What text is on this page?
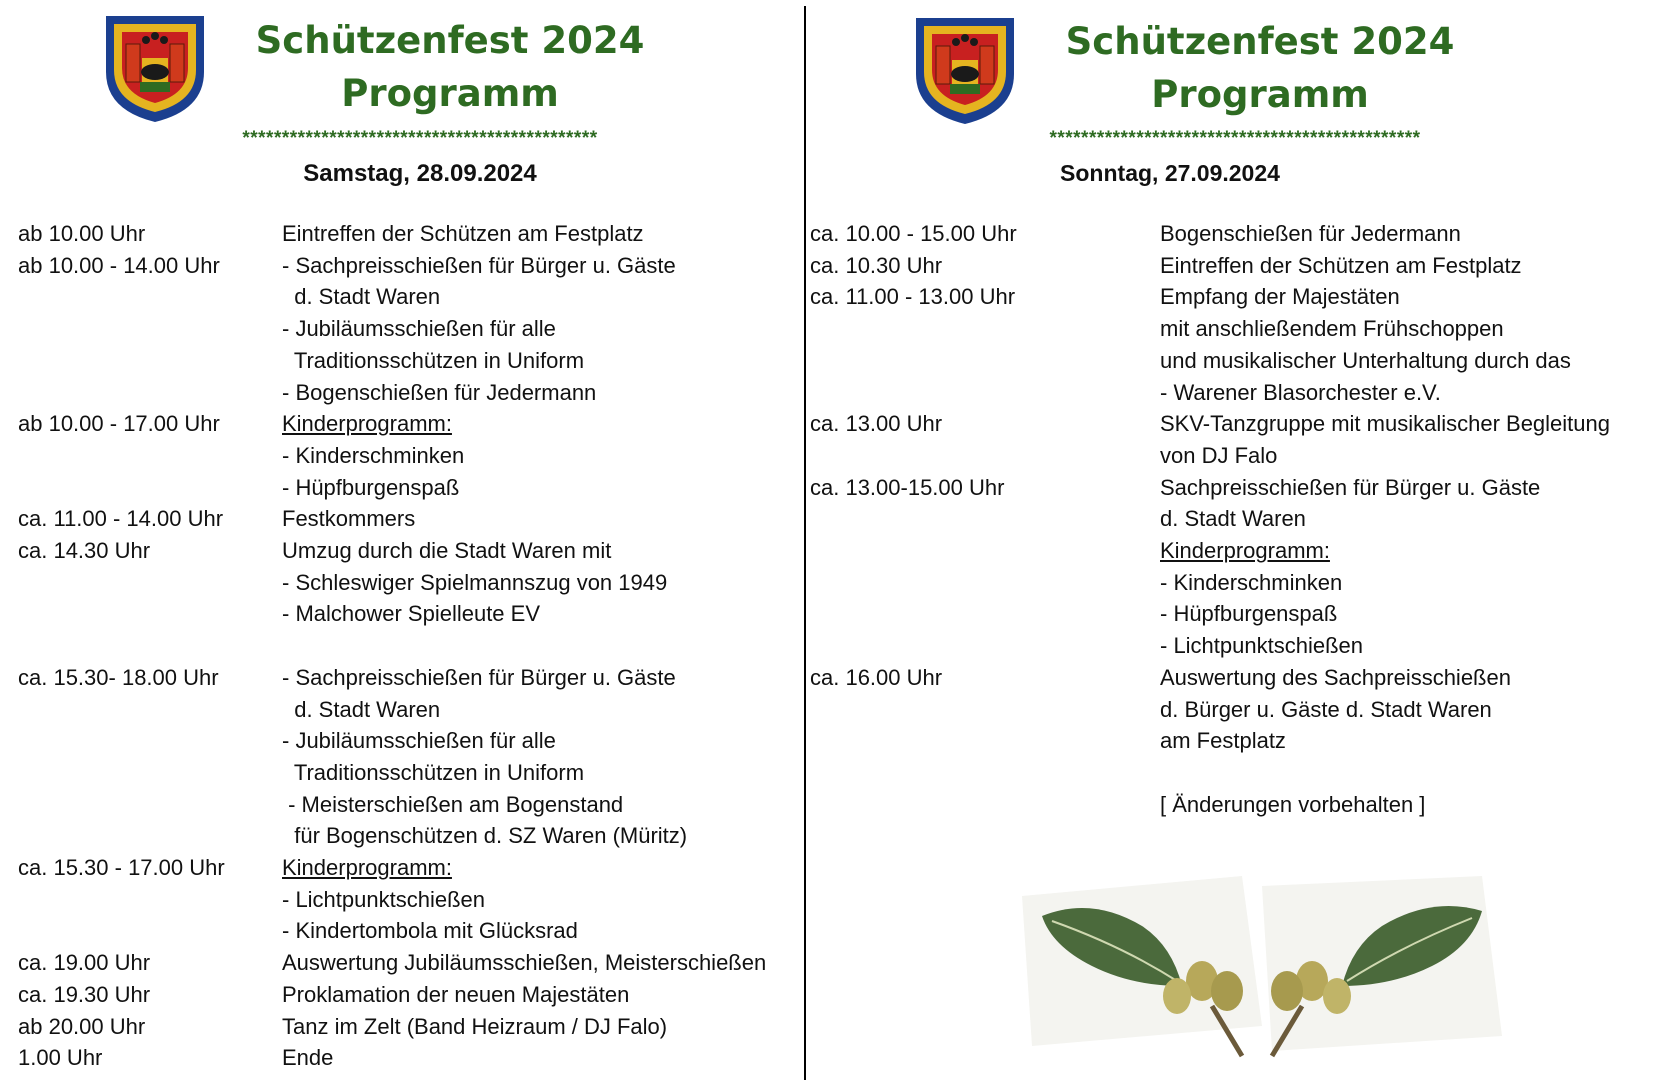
Schützenfest 2024
Programm
*********************************************
Samstag, 28.09.2024
ab 10.00 Uhr	Eintreffen der Schützen am Festplatz
ab 10.00 - 14.00 Uhr	- Sachpreisschießen für Bürger u. Gäste
d. Stadt Waren
- Jubiläumsschießen für alle
Traditionsschützen in Uniform
- Bogenschießen für Jedermann
ab 10.00 - 17.00 Uhr	Kinderprogramm:
- Kinderschminken
- Hüpfburgenspaß
ca. 11.00 - 14.00 Uhr	Festkommers
ca. 14.30 Uhr	Umzug durch die Stadt Waren mit
- Schleswiger Spielmannszug von 1949
- Malchower Spielleute EV
ca. 15.30- 18.00 Uhr	- Sachpreisschießen für Bürger u. Gäste
d. Stadt Waren
- Jubiläumsschießen für alle
Traditionsschützen in Uniform
- Meisterschießen am Bogenstand
für Bogenschützen d. SZ Waren (Müritz)
ca. 15.30 - 17.00 Uhr	Kinderprogramm:
- Lichtpunktschießen
- Kindertombola mit Glücksrad
ca. 19.00 Uhr	Auswertung Jubiläumsschießen, Meisterschießen
ca. 19.30 Uhr	Proklamation der neuen Majestäten
ab 20.00 Uhr	Tanz im Zelt (Band Heizraum / DJ Falo)
1.00 Uhr	Ende
Schützenfest 2024
Programm
***********************************************
Sonntag, 27.09.2024
ca. 10.00 - 15.00 Uhr	Bogenschießen für Jedermann
ca. 10.30 Uhr	Eintreffen der Schützen am Festplatz
ca. 11.00 - 13.00 Uhr	Empfang der Majestäten
mit anschließendem Frühschoppen
und musikalischer Unterhaltung durch das
- Warener Blasorchester e.V.
ca. 13.00 Uhr	SKV-Tanzgruppe mit musikalischer Begleitung
von DJ Falo
ca. 13.00-15.00 Uhr	Sachpreisschießen für Bürger u. Gäste
d. Stadt Waren
Kinderprogramm:
- Kinderschminken
- Hüpfburgenspaß
- Lichtpunktschießen
ca. 16.00 Uhr	Auswertung des Sachpreisschießen
d. Bürger u. Gäste d. Stadt Waren
am Festplatz
[ Änderungen vorbehalten ]
